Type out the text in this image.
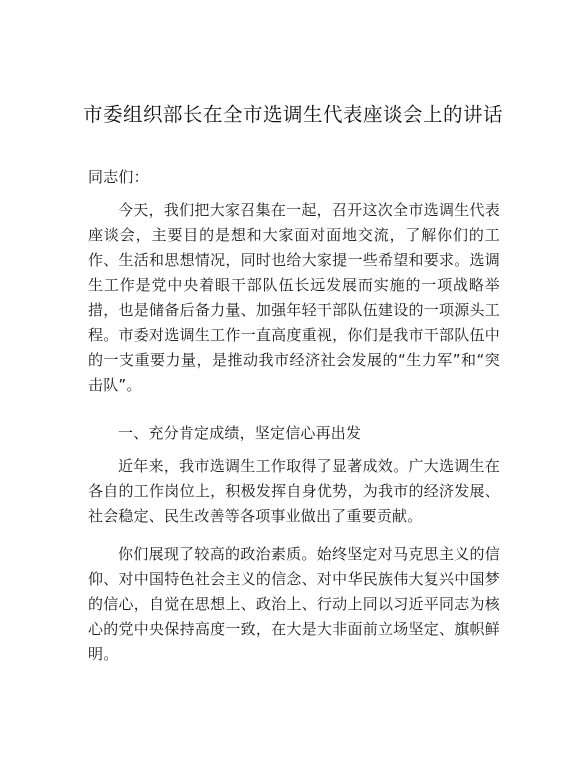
市委组织部长在全市选调生代表座谈会上的讲话
同志们：
今天，我们把大家召集在一起，召开这次全市选调生代表座谈会，主要目的是想和大家面对面地交流，了解你们的工作、生活和思想情况，同时也给大家提一些希望和要求。选调生工作是党中央着眼干部队伍长远发展而实施的一项战略举措，也是储备后备力量、加强年轻干部队伍建设的一项源头工程。市委对选调生工作一直高度重视，你们是我市干部队伍中的一支重要力量，是推动我市经济社会发展的“生力军”和“突击队”。
一、充分肯定成绩，坚定信心再出发
近年来，我市选调生工作取得了显著成效。广大选调生在各自的工作岗位上，积极发挥自身优势，为我市的经济发展、社会稳定、民生改善等各项事业做出了重要贡献。
你们展现了较高的政治素质。始终坚定对马克思主义的信仰、对中国特色社会主义的信念、对中华民族伟大复兴中国梦的信心，自觉在思想上、政治上、行动上同以习近平同志为核心的党中央保持高度一致，在大是大非面前立场坚定、旗帜鲜明。
